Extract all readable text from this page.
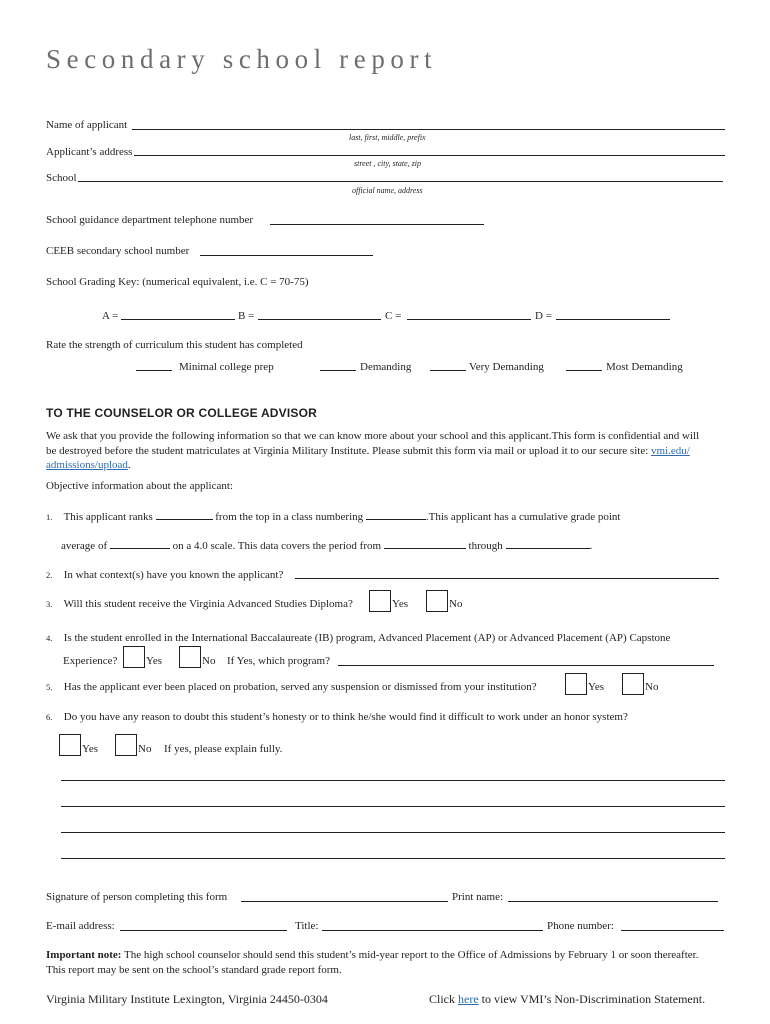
Secondary school report
Name of applicant
last, first, middle, prefix
Applicant’s address
street , city, state, zip
School
official name, address
School guidance department telephone number
CEEB secondary school number
School Grading Key: (numerical equivalent, i.e. C = 70-75)
A =	B =	C =	D =
Rate the strength of curriculum this student has completed
Minimal college prep	Demanding	Very Demanding	Most Demanding
TO THE COUNSELOR OR COLLEGE ADVISOR
We ask that you provide the following information so that we can know more about your school and this applicant.This form is confidential and will
be destroyed before the student matriculates at Virginia Military Institute. Please submit this form via mail or upload it to our secure site: vmi.edu/
admissions/upload.
Objective information about the applicant:
1. This applicant ranks	from the top in a class numbering	.This applicant has a cumulative grade point
average of	on a 4.0 scale. This data covers the period from	through	.
2. In what context(s) have you known the applicant?
3. Will this student receive the Virginia Advanced Studies Diploma?	Yes	No
4. Is the student enrolled in the International Baccalaureate (IB) program, Advanced Placement (AP) or Advanced Placement (AP) Capstone
Experience?	Yes	No If Yes, which program?
5. Has the applicant ever been placed on probation, served any suspension or dismissed from your institution?	Yes	No
6. Do you have any reason to doubt this student’s honesty or to think he/she would find it difficult to work under an honor system?
Yes	No If yes, please explain fully.
Signature of person completing this form	Print name:
E-mail address:	Title:	Phone number:
Important note: The high school counselor should send this student’s mid-year report to the Office of Admissions by February 1 or soon thereafter.
This report may be sent on the school’s standard grade report form.
Virginia Military Institute Lexington, Virginia 24450-0304	Click here to view VMI’s Non-Discrimination Statement.
